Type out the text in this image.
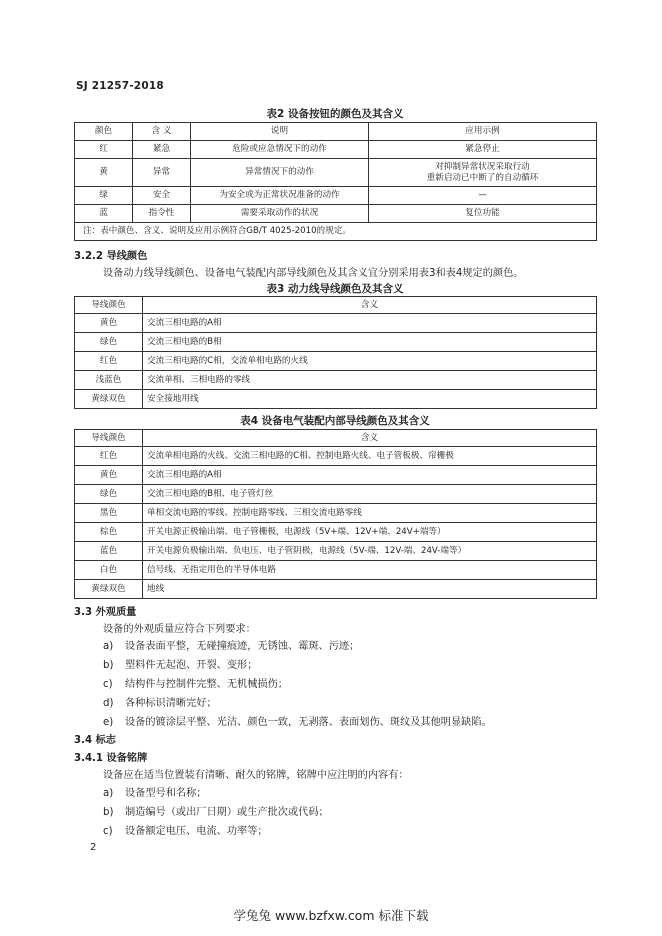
SJ 21257-2018
表2 设备按钮的颜色及其含义
颜色	含 义	说明	应用示例
红	紧急	危险或应急情况下的动作	紧急停止
黄	异常	异常情况下的动作	对抑制异常状况采取行动
重新启动已中断了的自动循环

绿	安全	为安全或为正常状况准备的动作	—
蓝	指令性	需要采取动作的状况	复位功能
注：表中颜色、含义、说明及应用示例符合GB/T 4025-2010的规定。			
3.2.2 导线颜色
设备动力线导线颜色、设备电气装配内部导线颜色及其含义宜分别采用表3和表4规定的颜色。
表3 动力线导线颜色及其含义
导线颜色	含义
黄色	交流三相电路的A相
绿色	交流三相电路的B相
红色	交流三相电路的C相，交流单相电路的火线
浅蓝色	交流单相、三相电路的零线
黄绿双色	安全接地用线
表4 设备电气装配内部导线颜色及其含义
导线颜色	含义
红色	交流单相电路的火线、交流三相电路的C相、控制电路火线、电子管板极、帘栅极
黄色	交流三相电路的A相
绿色	交流三相电路的B相、电子管灯丝
黑色	单相交流电路的零线、控制电路零线、三相交流电路零线
棕色	开关电源正极输出端、电子管栅极，电源线（5V+端、12V+端、24V+端等）
蓝色	开关电源负极输出端、负电压、电子管阴极，电源线（5V-端、12V-端、24V-端等）
白色	信号线、无指定用色的半导体电路
黄绿双色	地线
3.3 外观质量
设备的外观质量应符合下列要求：
a) 设备表面平整，无碰撞痕迹，无锈蚀、霉斑、污迹；
b) 塑料件无起泡、开裂、变形；
c) 结构件与控制件完整、无机械损伤；
d) 各种标识清晰完好；
e) 设备的镀涂层平整、光洁、颜色一致，无剥落、表面划伤、斑纹及其他明显缺陷。
3.4 标志
3.4.1 设备铭牌
设备应在适当位置装有清晰、耐久的铭牌，铭牌中应注明的内容有：
a) 设备型号和名称；
b) 制造编号（或出厂日期）或生产批次或代码；
c) 设备额定电压、电流、功率等；
2
学兔兔 www.bzfxw.com 标准下载
